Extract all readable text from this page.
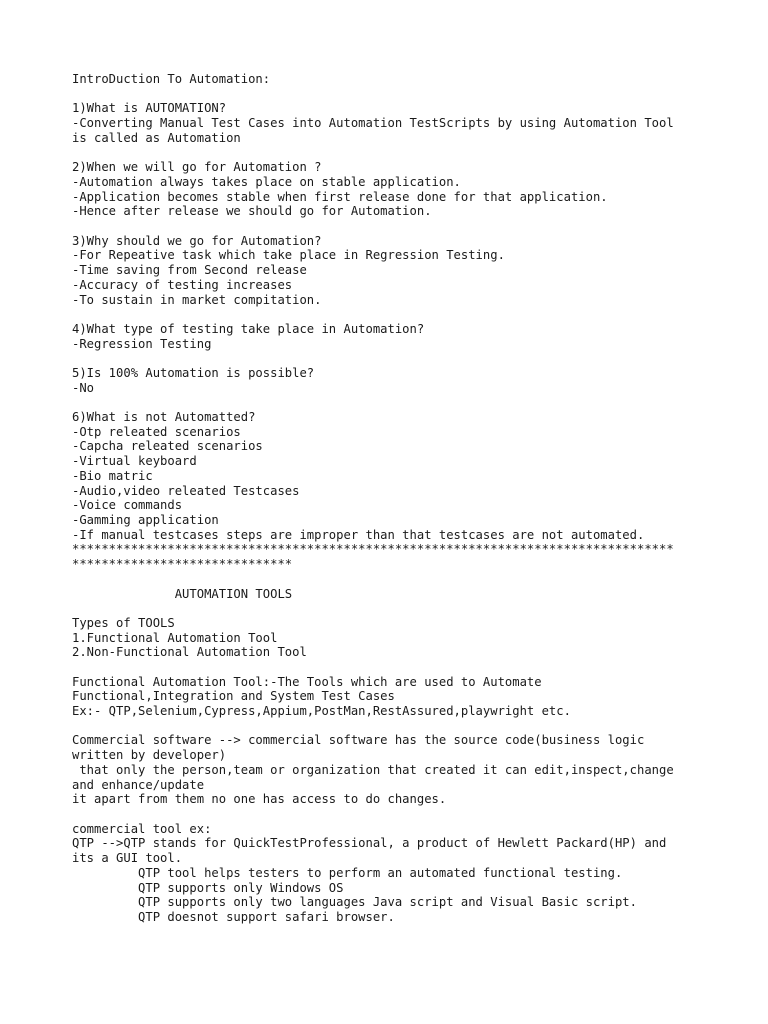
IntroDuction To Automation:
1)What is AUTOMATION?
-Converting Manual Test Cases into Automation TestScripts by using Automation Tool
is called as Automation
2)When we will go for Automation ?
-Automation always takes place on stable application.
-Application becomes stable when first release done for that application.
-Hence after release we should go for Automation.
3)Why should we go for Automation?
-For Repeative task which take place in Regression Testing.
-Time saving from Second release
-Accuracy of testing increases
-To sustain in market compitation.
4)What type of testing take place in Automation?
-Regression Testing
5)Is 100% Automation is possible?
-No
6)What is not Automatted?
-Otp releated scenarios
-Capcha releated scenarios
-Virtual keyboard
-Bio matric
-Audio,video releated Testcases
-Voice commands
-Gamming application
-If manual testcases steps are improper than that testcases are not automated.
**********************************************************************************
******************************
AUTOMATION TOOLS
Types of TOOLS
1.Functional Automation Tool
2.Non-Functional Automation Tool
Functional Automation Tool:-The Tools which are used to Automate
Functional,Integration and System Test Cases
Ex:- QTP,Selenium,Cypress,Appium,PostMan,RestAssured,playwright etc.
Commercial software --> commercial software has the source code(business logic
written by developer)
that only the person,team or organization that created it can edit,inspect,change
and enhance/update
it apart from them no one has access to do changes.
commercial tool ex:
QTP -->QTP stands for QuickTestProfessional, a product of Hewlett Packard(HP) and
its a GUI tool.
QTP tool helps testers to perform an automated functional testing.
QTP supports only Windows OS
QTP supports only two languages Java script and Visual Basic script.
QTP doesnot support safari browser.
